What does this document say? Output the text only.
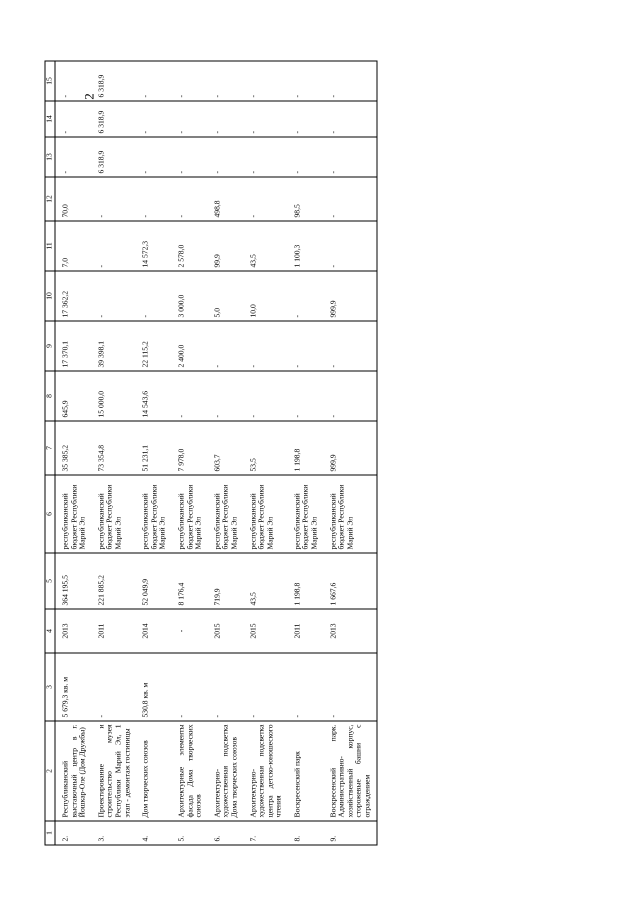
2
1	2	3	4	5	6	7	8	9	10	11	12	13	14	15
2.	Республиканский выставочный центр в г. Йошкар-Оле (Дом Дружбы)	5 679,3 кв. м	2013	364 195,5	республиканский бюджет Республики Марий Эл	35 385,2	645,9	17 370,1	17 362,2	7,0	70,0	-	-	-
3.	Проектирование и строительство музея Республики Марий Эл, 1 этап - демонтаж гостиницы	-	2011	221 885,2	республиканский бюджет Республики Марий Эл	73 354,8	15 000,0	39 398,1	-	-	-	6 318,9	6 318,9	6 318,9
4.	Дом творческих союзов	530,8 кв. м	2014	52 049,9	республиканский бюджет Республики Марий Эл	51 231,1	14 543,6	22 115,2	-	14 572,3	-	-	-	-
5.	Архитектурные элементы фасада Дома творческих союзов	-	-	8 176,4	республиканский бюджет Республики Марий Эл	7 978,0	-	2 400,0	3 000,0	2 578,0	-	-	-	-
6.	Архитектурно-художественная подсветка Дома творческих союзов	-	2015	719,9	республиканский бюджет Республики Марий Эл	603,7	-	-	5,0	99,9	498,8	-	-	-
7.	Архитектурно-художественная подсветка центра детско-юношеского чтения	-	2015	43,5	республиканский бюджет Республики Марий Эл	53,5	-	-	10,0	43,5	-	-	-	-
8.	Воскресенский парк	-	2011	1 198,8	республиканский бюджет Республики Марий Эл	1 198,8	-	-	-	1 100,3	98,5	-	-	-
9.	Воскресенский парк. Административно-хозяйственный корпус, сторожевые башни с ограждением	-	2013	1 667,6	республиканский бюджет Республики Марий Эл	999,9	-	-	999,9	-	-	-	-	-
